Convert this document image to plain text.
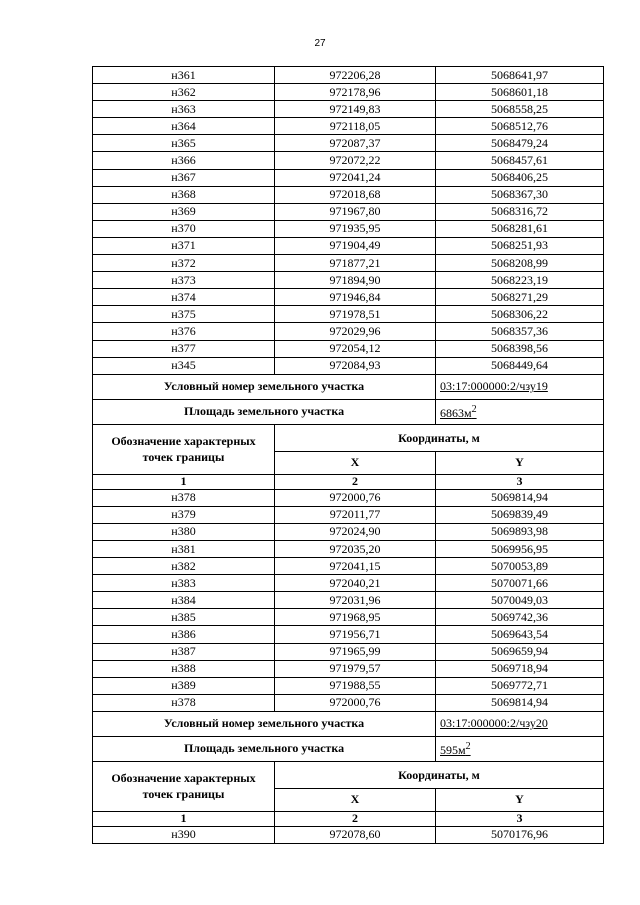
27
н361	972206,28	5068641,97
н362	972178,96	5068601,18
н363	972149,83	5068558,25
н364	972118,05	5068512,76
н365	972087,37	5068479,24
н366	972072,22	5068457,61
н367	972041,24	5068406,25
н368	972018,68	5068367,30
н369	971967,80	5068316,72
н370	971935,95	5068281,61
н371	971904,49	5068251,93
н372	971877,21	5068208,99
н373	971894,90	5068223,19
н374	971946,84	5068271,29
н375	971978,51	5068306,22
н376	972029,96	5068357,36
н377	972054,12	5068398,56
н345	972084,93	5068449,64
Условный номер земельного участка		03:17:000000:2/чзу19
Площадь земельного участка		$6863м^2$
Обозначение характерных точек границы	Координаты, м	
	X	Y
1	2	3
н378	972000,76	5069814,94
н379	972011,77	5069839,49
н380	972024,90	5069893,98
н381	972035,20	5069956,95
н382	972041,15	5070053,89
н383	972040,21	5070071,66
н384	972031,96	5070049,03
н385	971968,95	5069742,36
н386	971956,71	5069643,54
н387	971965,99	5069659,94
н388	971979,57	5069718,94
н389	971988,55	5069772,71
н378	972000,76	5069814,94
Условный номер земельного участка		03:17:000000:2/чзу20
Площадь земельного участка		$595м^2$
Обозначение характерных точек границы	Координаты, м	
	X	Y
1	2	3
н390	972078,60	5070176,96
